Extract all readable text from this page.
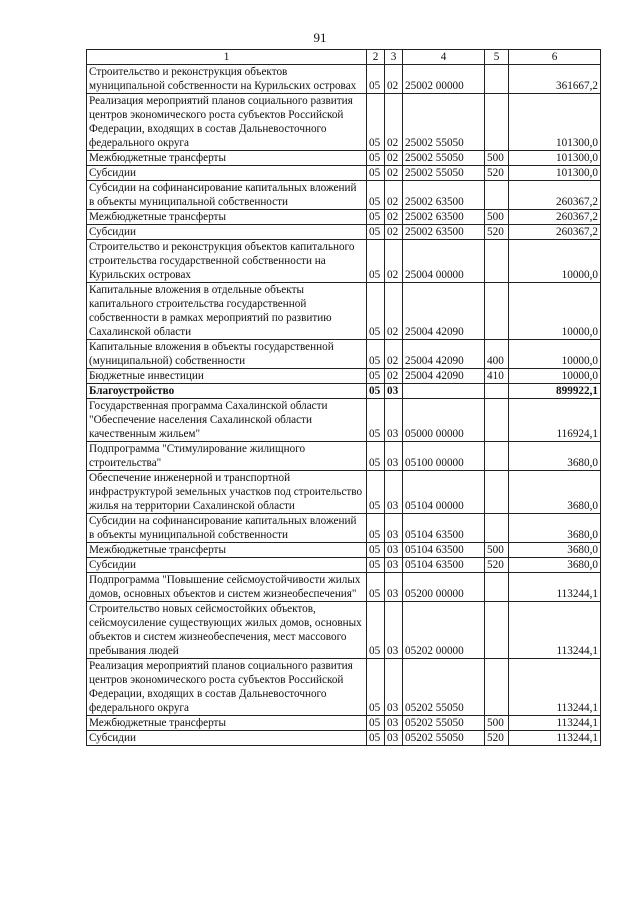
91
1	2	3	4	5	6
Строительство и реконструкция объектов муниципальной собственности на Курильских островах	05	02	25002 00000		361667,2
Реализация мероприятий планов социального развития центров экономического роста субъектов Российской Федерации, входящих в состав Дальневосточного федерального округа	05	02	25002 55050		101300,0
Межбюджетные трансферты	05	02	25002 55050	500	101300,0
Субсидии	05	02	25002 55050	520	101300,0
Субсидии на софинансирование капитальных вложений в объекты муниципальной собственности	05	02	25002 63500		260367,2
Межбюджетные трансферты	05	02	25002 63500	500	260367,2
Субсидии	05	02	25002 63500	520	260367,2
Строительство и реконструкция объектов капитального строительства государственной собственности на Курильских островах	05	02	25004 00000		10000,0
Капитальные вложения в отдельные объекты капитального строительства государственной собственности в рамках мероприятий по развитию Сахалинской области	05	02	25004 42090		10000,0
Капитальные вложения в объекты государственной (муниципальной) собственности	05	02	25004 42090	400	10000,0
Бюджетные инвестиции	05	02	25004 42090	410	10000,0
Благоустройство	05	03			899922,1
Государственная программа Сахалинской области "Обеспечение населения Сахалинской области качественным жильем"	05	03	05000 00000		116924,1
Подпрограмма "Стимулирование жилищного строительства"	05	03	05100 00000		3680,0
Обеспечение инженерной и транспортной инфраструктурой земельных участков под строительство жилья на территории Сахалинской области	05	03	05104 00000		3680,0
Субсидии на софинансирование капитальных вложений в объекты муниципальной собственности	05	03	05104 63500		3680,0
Межбюджетные трансферты	05	03	05104 63500	500	3680,0
Субсидии	05	03	05104 63500	520	3680,0
Подпрограмма "Повышение сейсмоустойчивости жилых домов, основных объектов и систем жизнеобеспечения"	05	03	05200 00000		113244,1
Строительство новых сейсмостойких объектов, сейсмоусиление существующих жилых домов, основных объектов и систем жизнеобеспечения, мест массового пребывания людей	05	03	05202 00000		113244,1
Реализация мероприятий планов социального развития центров экономического роста субъектов Российской Федерации, входящих в состав Дальневосточного федерального округа	05	03	05202 55050		113244,1
Межбюджетные трансферты	05	03	05202 55050	500	113244,1
Субсидии	05	03	05202 55050	520	113244,1
